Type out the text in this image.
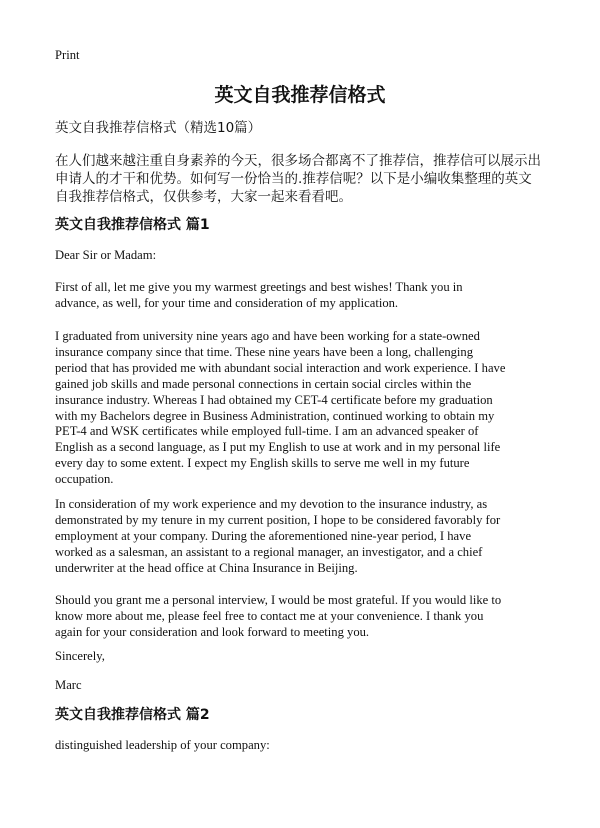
Print
英文自我推荐信格式
英文自我推荐信格式（精选10篇）
在人们越来越注重自身素养的今天，很多场合都离不了推荐信，推荐信可以展示出
申请人的才干和优势。如何写一份恰当的.推荐信呢？以下是小编收集整理的英文
自我推荐信格式，仅供参考，大家一起来看看吧。
英文自我推荐信格式 篇1
Dear Sir or Madam:
First of all, let me give you my warmest greetings and best wishes! Thank you in
advance, as well, for your time and consideration of my application.
I graduated from university nine years ago and have been working for a state-owned
insurance company since that time. These nine years have been a long, challenging
period that has provided me with abundant social interaction and work experience. I have
gained job skills and made personal connections in certain social circles within the
insurance industry. Whereas I had obtained my CET-4 certificate before my graduation
with my Bachelors degree in Business Administration, continued working to obtain my
PET-4 and WSK certificates while employed full-time. I am an advanced speaker of
English as a second language, as I put my English to use at work and in my personal life
every day to some extent. I expect my English skills to serve me well in my future
occupation.
In consideration of my work experience and my devotion to the insurance industry, as
demonstrated by my tenure in my current position, I hope to be considered favorably for
employment at your company. During the aforementioned nine-year period, I have
worked as a salesman, an assistant to a regional manager, an investigator, and a chief
underwriter at the head office at China Insurance in Beijing.
Should you grant me a personal interview, I would be most grateful. If you would like to
know more about me, please feel free to contact me at your convenience. I thank you
again for your consideration and look forward to meeting you.
Sincerely,
Marc
英文自我推荐信格式 篇2
distinguished leadership of your company:
